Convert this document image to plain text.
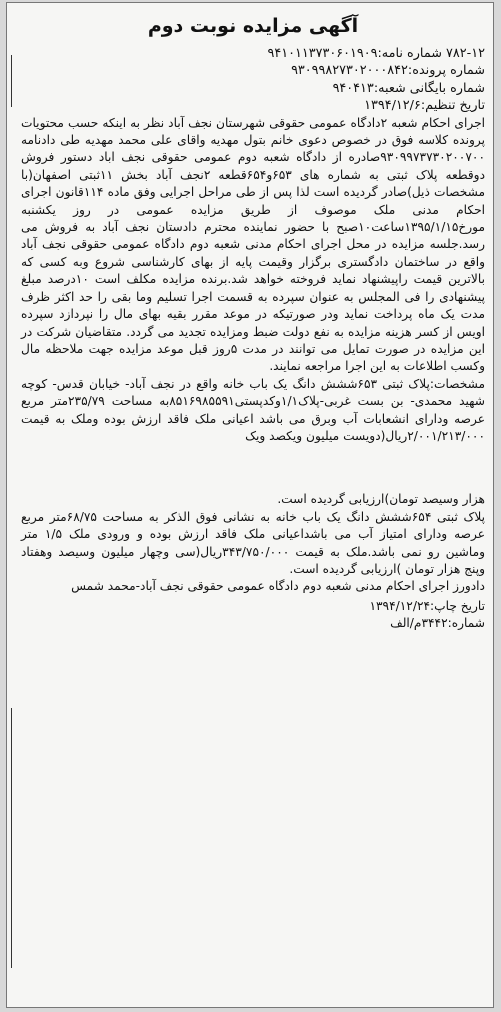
آگهی مزایده نوبت دوم
۷۸۲-۱۲ شماره نامه:۹۴۱۰۱۱۳۷۳۰۶۰۱۹۰۹
شماره پرونده:۹۳۰۹۹۸۲۷۳۰۲۰۰۰۸۴۲
شماره بایگانی شعبه:۹۴۰۴۱۳
تاریخ تنظیم:۱۳۹۴/۱۲/۶

اجرای احکام شعبه ۲دادگاه عمومی حقوقی شهرستان نجف آباد نظر به اینکه حسب محتویات پرونده کلاسه فوق در خصوص دعوی خانم بتول مهدیه واقای علی محمد مهدیه طی دادنامه ۹۳۰۹۹۷۳۷۳۰۲۰۰۷۰۰صادره از دادگاه شعبه دوم عمومی حقوقی نجف اباد دستور فروش دوقطعه پلاک ثبتی به شماره های ۶۵۳و۶۵۴قطعه ۲نجف آباد بخش ۱۱ثبتی اصفهان(با مشخصات ذیل)صادر گردیده است لذا پس از طی مراحل اجرایی وفق ماده ۱۱۴قانون اجرای احکام مدنی ملک موصوف از طریق مزایده عمومی در روز یکشنبه مورخ۱۳۹۵/۱/۱۵ساعت۱۰صبح با حضور نماینده محترم دادستان نجف آباد به فروش می رسد.جلسه مزایده در محل اجرای احکام مدنی شعبه دوم دادگاه عمومی حقوقی نجف آباد واقع در ساختمان دادگستری برگزار وقیمت پایه از بهای کارشناسی شروع وبه کسی که بالاترین قیمت راپیشنهاد نماید فروخته خواهد شد.برنده مزایده مکلف است ۱۰درصد مبلغ پیشنهادی را فی المجلس به عنوان سپرده به قسمت اجرا تسلیم وما بقی را حد اکثر ظرف مدت یک ماه پرداخت نماید ودر صورتیکه در موعد مقرر بقیه بهای مال را نپردازد سپرده اویس از کسر هزینه مزایده به نفع دولت ضبط ومزایده تجدید می گردد. متقاضیان شرکت در این مزایده در صورت تمایل می توانند در مدت ۵روز قبل موعد مزایده جهت ملاحظه مال وکسب اطلاعات به این اجرا مراجعه نمایند.

مشخصات:پلاک ثبتی ۶۵۳ششش دانگ یک باب خانه واقع در نجف آباد- خیابان قدس- کوچه شهید محمدی- بن بست غربی-پلاک۱/۱وکدپستی۸۵۱۶۹۸۵۵۹۱به مساحت ۲۳۵/۷۹متر مربع عرصه ودارای انشعابات آب وبرق می باشد اعیانی ملک فاقد ارزش بوده وملک به قیمت ۲/۰۰۱/۲۱۳/۰۰۰ریال(دویست میلیون ویکصد ویک

هزار وسیصد تومان)ارزیابی گردیده است.

پلاک ثبتی ۶۵۴ششش دانگ یک باب خانه به نشانی فوق الذکر به مساحت ۶۸/۷۵متر مربع عرصه ودارای امتیاز آب می باشداعیانی ملک فاقد ارزش بوده و ورودی ملک ۱/۵ متر وماشین رو نمی باشد.ملک به قیمت ۳۴۳/۷۵۰/۰۰۰ریال(سی وچهار میلیون وسیصد وهفتاد وپنج هزار تومان )ارزیابی گردیده است.

دادورز اجرای احکام مدنی شعبه دوم دادگاه عمومی حقوقی نجف آباد-محمد شمس

تاریخ چاپ:۱۳۹۴/۱۲/۲۴
شماره:۳۴۴۲م/الف
